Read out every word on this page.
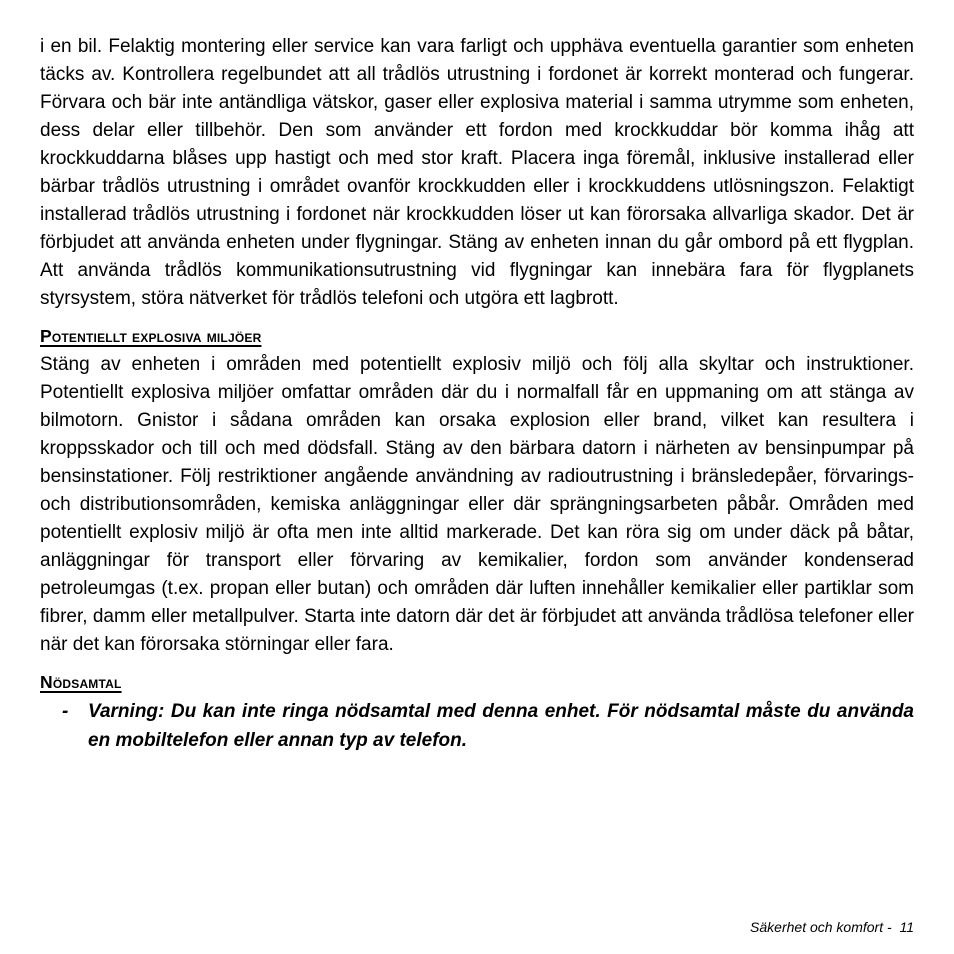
i en bil. Felaktig montering eller service kan vara farligt och upphäva eventuella garantier som enheten täcks av. Kontrollera regelbundet att all trådlös utrustning i fordonet är korrekt monterad och fungerar. Förvara och bär inte antändliga vätskor, gaser eller explosiva material i samma utrymme som enheten, dess delar eller tillbehör. Den som använder ett fordon med krockkuddar bör komma ihåg att krockkuddarna blåses upp hastigt och med stor kraft. Placera inga föremål, inklusive installerad eller bärbar trådlös utrustning i området ovanför krockkudden eller i krockkuddens utlösningszon. Felaktigt installerad trådlös utrustning i fordonet när krockkudden löser ut kan förorsaka allvarliga skador. Det är förbjudet att använda enheten under flygningar. Stäng av enheten innan du går ombord på ett flygplan. Att använda trådlös kommunikationsutrustning vid flygningar kan innebära fara för flygplanets styrsystem, störa nätverket för trådlös telefoni och utgöra ett lagbrott.

Potentiellt explosiva miljöer

Stäng av enheten i områden med potentiellt explosiv miljö och följ alla skyltar och instruktioner. Potentiellt explosiva miljöer omfattar områden där du i normalfall får en uppmaning om att stänga av bilmotorn. Gnistor i sådana områden kan orsaka explosion eller brand, vilket kan resultera i kroppsskador och till och med dödsfall. Stäng av den bärbara datorn i närheten av bensinpumpar på bensinstationer. Följ restriktioner angående användning av radioutrustning i bränsledepåer, förvarings- och distributionsområden, kemiska anläggningar eller där sprängningsarbeten påbår. Områden med potentiellt explosiv miljö är ofta men inte alltid markerade. Det kan röra sig om under däck på båtar, anläggningar för transport eller förvaring av kemikalier, fordon som använder kondenserad petroleumgas (t.ex. propan eller butan) och områden där luften innehåller kemikalier eller partiklar som fibrer, damm eller metallpulver. Starta inte datorn där det är förbjudet att använda trådlösa telefoner eller när det kan förorsaka störningar eller fara.

Nödsamtal
-	Varning: Du kan inte ringa nödsamtal med denna enhet. För nödsamtal måste du använda en mobiltelefon eller annan typ av telefon.
Säkerhet och komfort - 11
